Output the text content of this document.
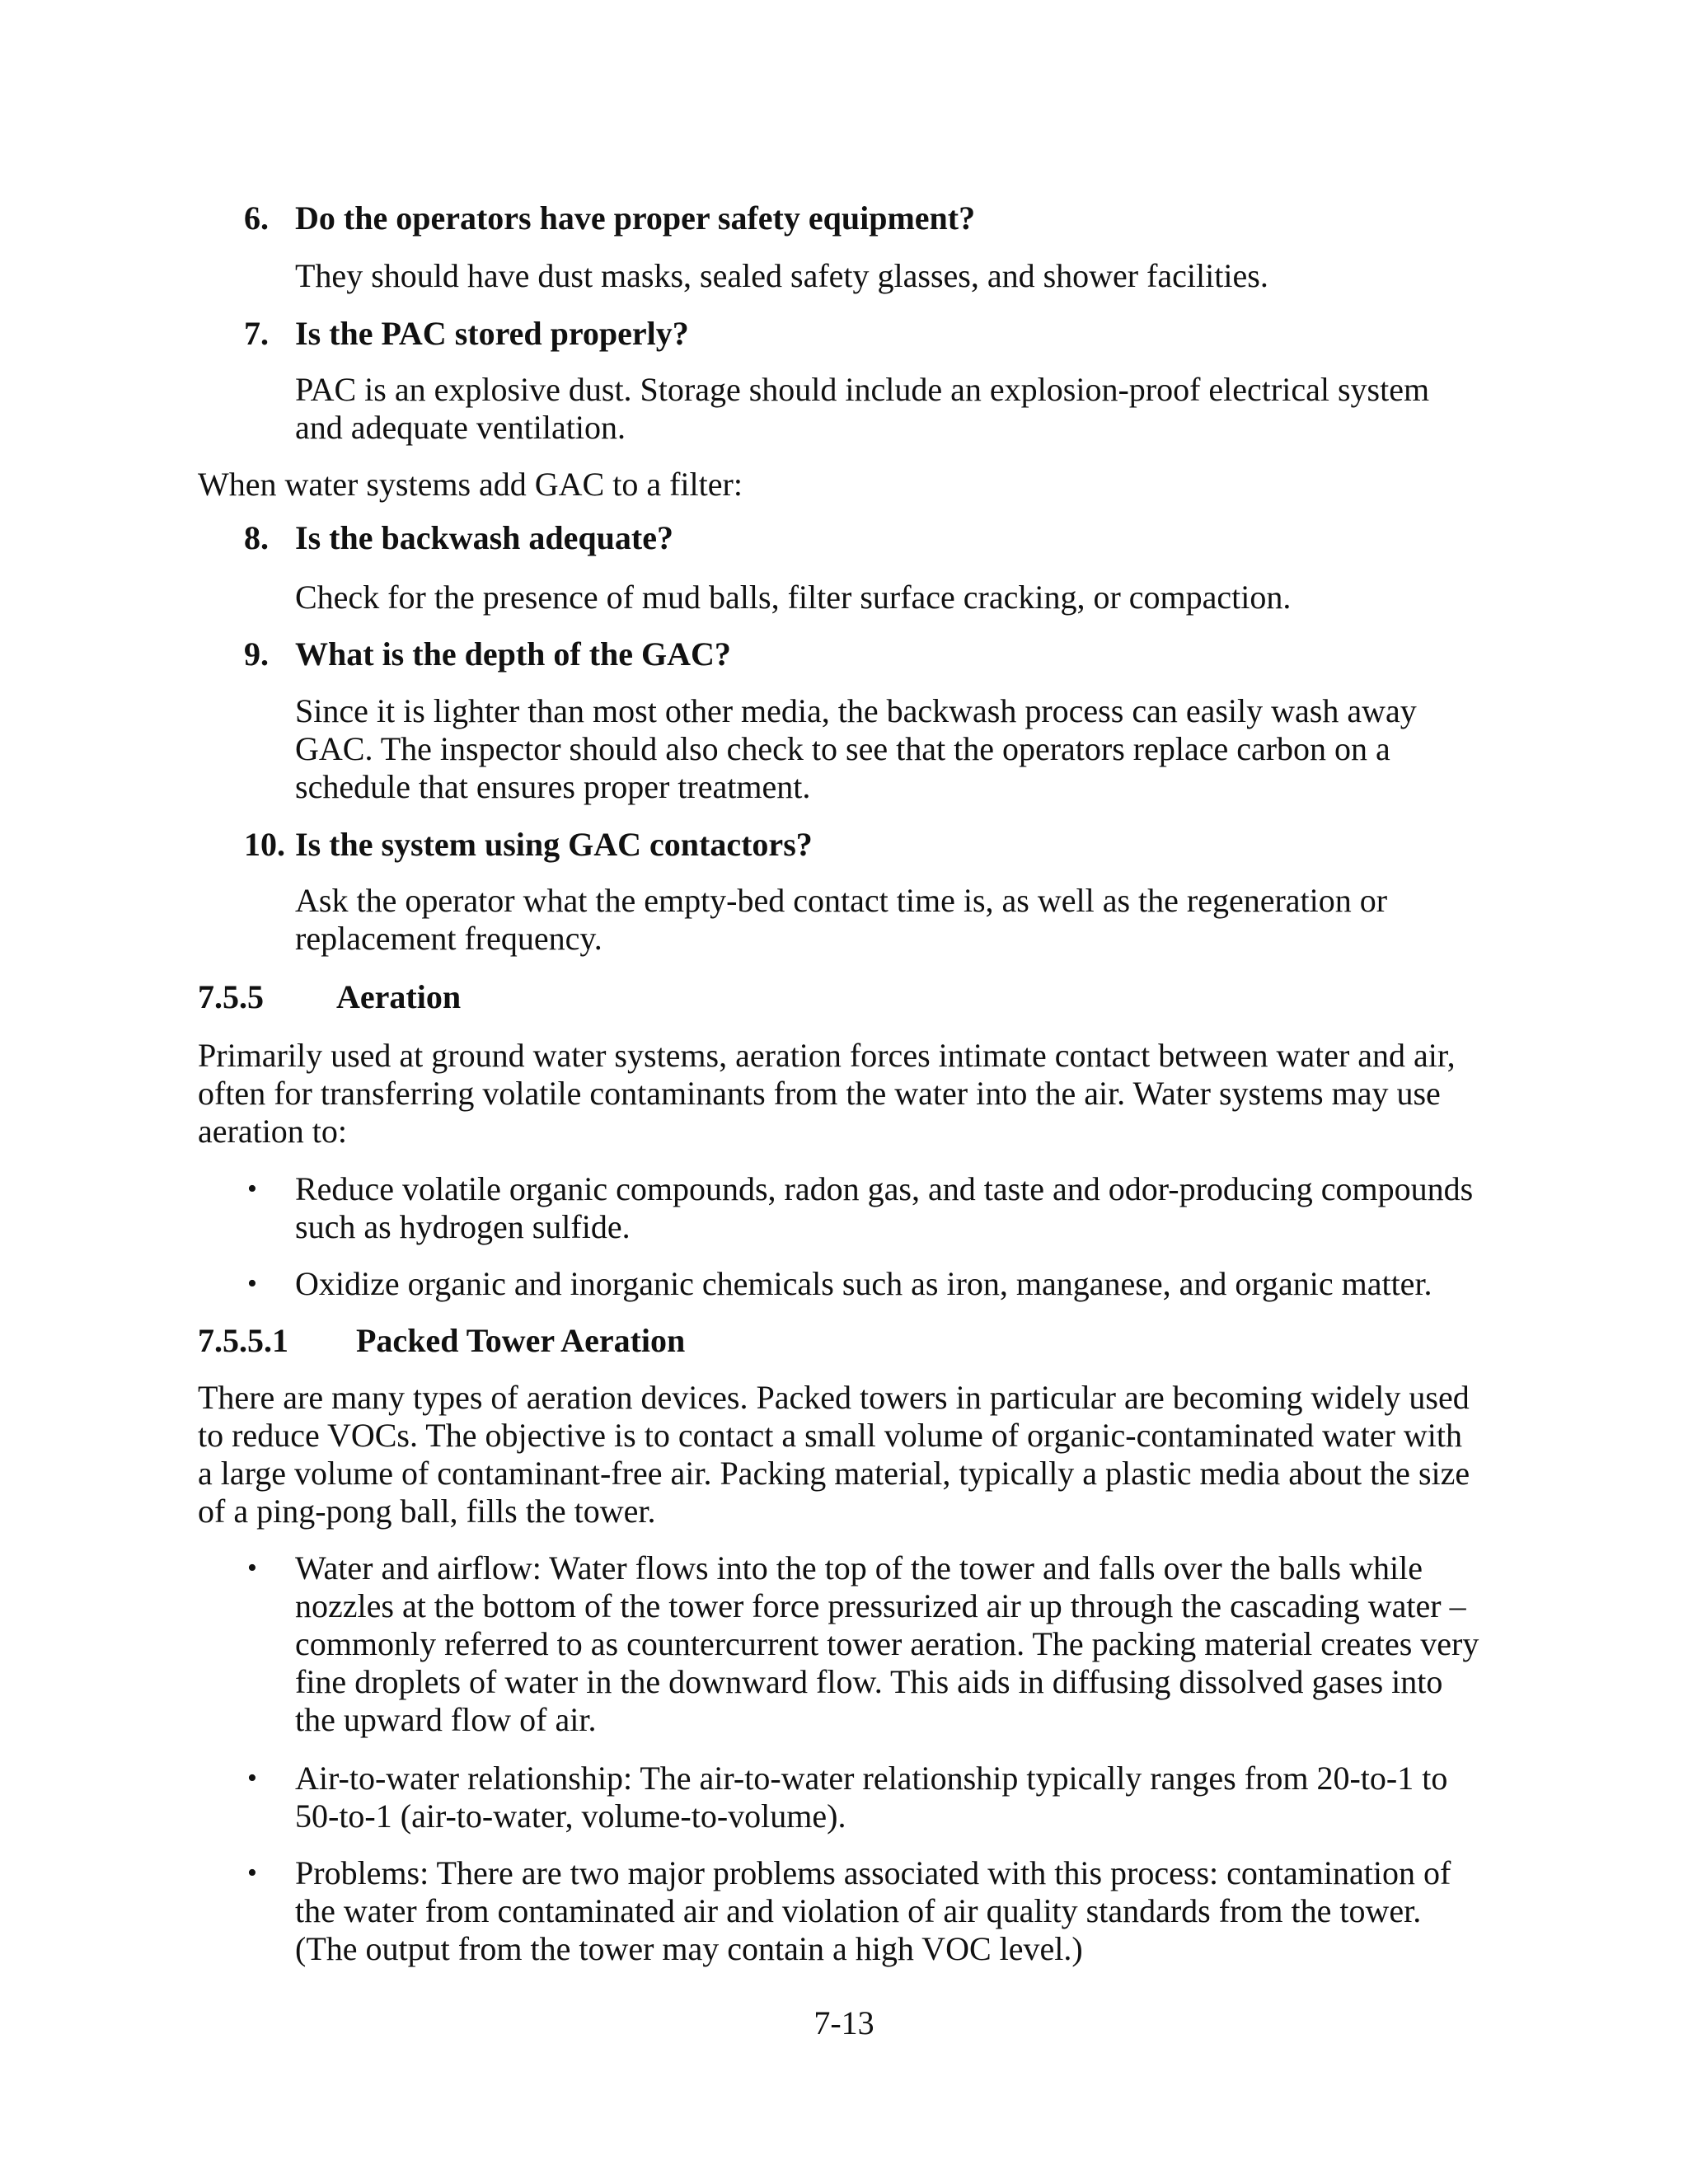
6. Do the operators have proper safety equipment?

They should have dust masks, sealed safety glasses, and shower facilities.

7. Is the PAC stored properly?

PAC is an explosive dust. Storage should include an explosion-proof electrical system and adequate ventilation.

When water systems add GAC to a filter:

8. Is the backwash adequate?

Check for the presence of mud balls, filter surface cracking, or compaction.

9. What is the depth of the GAC?

Since it is lighter than most other media, the backwash process can easily wash away GAC. The inspector should also check to see that the operators replace carbon on a schedule that ensures proper treatment.

10. Is the system using GAC contactors?

Ask the operator what the empty-bed contact time is, as well as the regeneration or replacement frequency.

7.5.5 Aeration

Primarily used at ground water systems, aeration forces intimate contact between water and air, often for transferring volatile contaminants from the water into the air. Water systems may use aeration to:

• Reduce volatile organic compounds, radon gas, and taste and odor-producing compounds such as hydrogen sulfide.

• Oxidize organic and inorganic chemicals such as iron, manganese, and organic matter.

7.5.5.1 Packed Tower Aeration

There are many types of aeration devices. Packed towers in particular are becoming widely used to reduce VOCs. The objective is to contact a small volume of organic-contaminated water with a large volume of contaminant-free air. Packing material, typically a plastic media about the size of a ping-pong ball, fills the tower.

• Water and airflow: Water flows into the top of the tower and falls over the balls while nozzles at the bottom of the tower force pressurized air up through the cascading water – commonly referred to as countercurrent tower aeration. The packing material creates very fine droplets of water in the downward flow. This aids in diffusing dissolved gases into the upward flow of air.

• Air-to-water relationship: The air-to-water relationship typically ranges from 20-to-1 to 50-to-1 (air-to-water, volume-to-volume).

• Problems: There are two major problems associated with this process: contamination of the water from contaminated air and violation of air quality standards from the tower. (The output from the tower may contain a high VOC level.)

7-13
